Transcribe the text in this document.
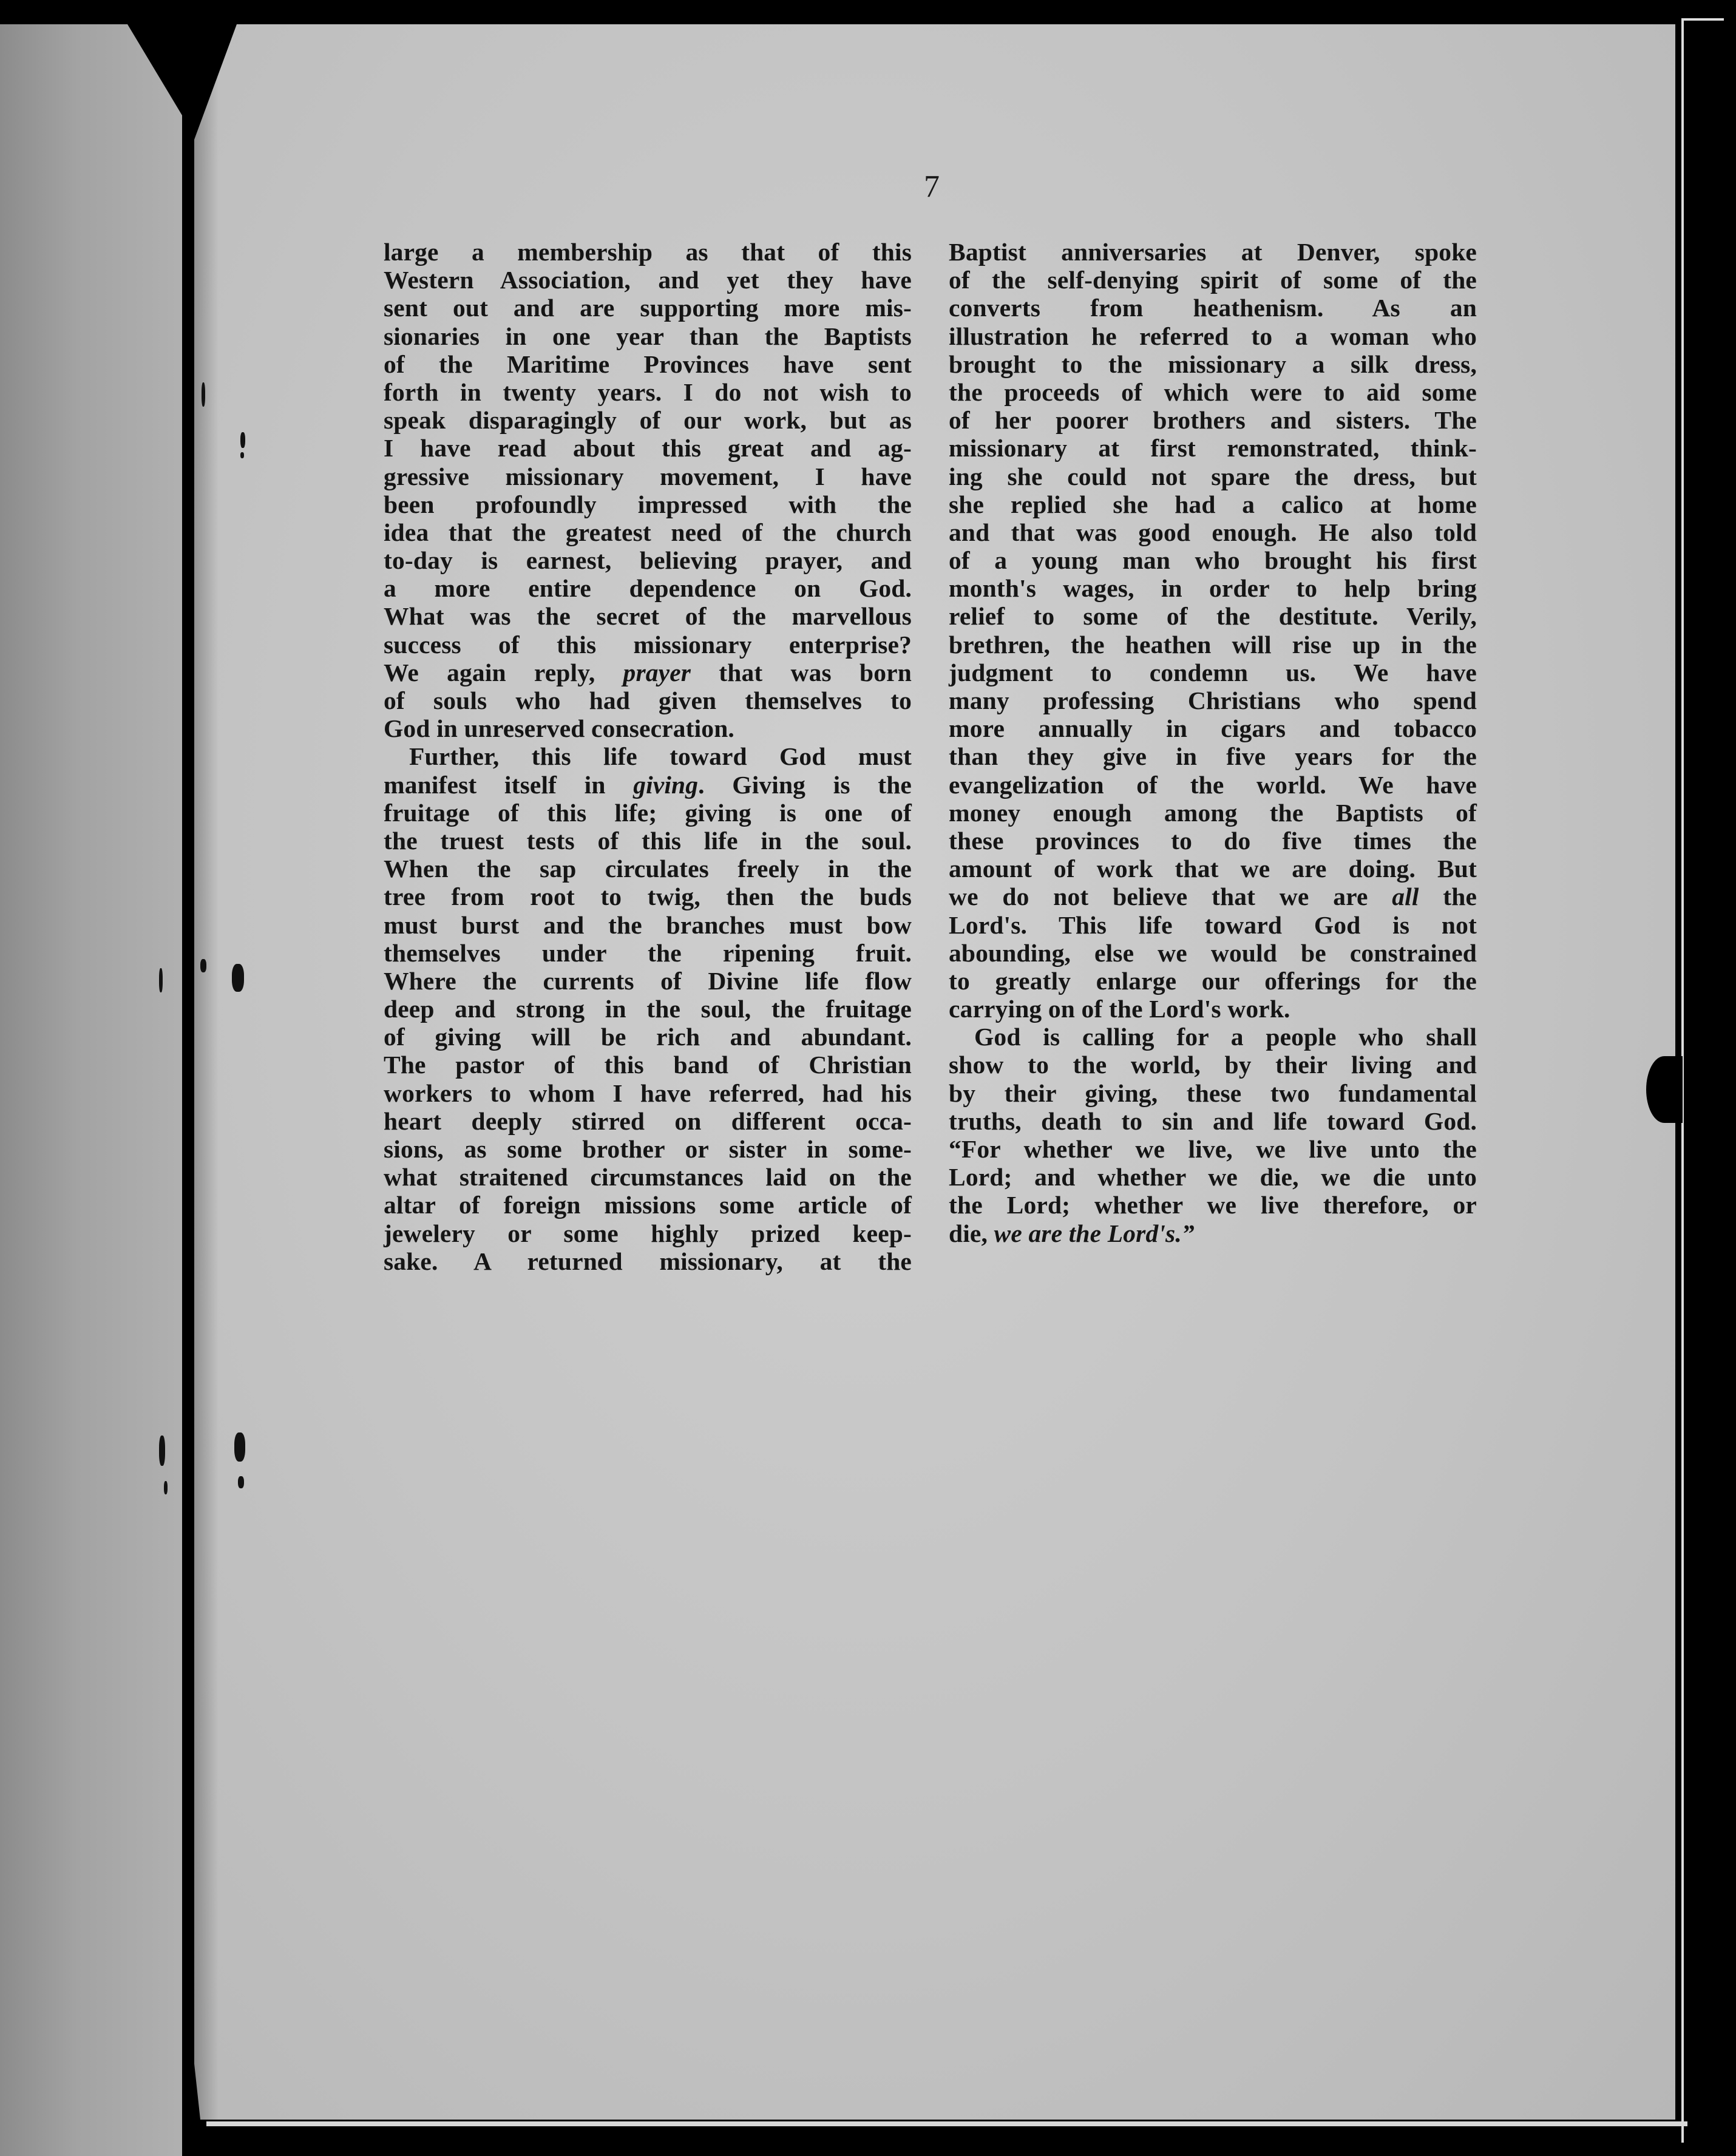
7
large a membership as that of this
Western Association, and yet they have
sent out and are supporting more mis-
sionaries in one year than the Baptists
of the Maritime Provinces have sent
forth in twenty years. I do not wish to
speak disparagingly of our work, but as
I have read about this great and ag-
gressive missionary movement, I have
been profoundly impressed with the
idea that the greatest need of the church
to-day is earnest, believing prayer, and
a more entire dependence on God.
What was the secret of the marvellous
success of this missionary enterprise?
We again reply, prayer that was born
of souls who had given themselves to
God in unreserved consecration.
Further, this life toward God must
manifest itself in giving. Giving is the
fruitage of this life; giving is one of
the truest tests of this life in the soul.
When the sap circulates freely in the
tree from root to twig, then the buds
must burst and the branches must bow
themselves under the ripening fruit.
Where the currents of Divine life flow
deep and strong in the soul, the fruitage
of giving will be rich and abundant.
The pastor of this band of Christian
workers to whom I have referred, had his
heart deeply stirred on different occa-
sions, as some brother or sister in some-
what straitened circumstances laid on the
altar of foreign missions some article of
jewelery or some highly prized keep-
sake. A returned missionary, at the
Baptist anniversaries at Denver, spoke
of the self-denying spirit of some of the
converts from heathenism. As an
illustration he referred to a woman who
brought to the missionary a silk dress,
the proceeds of which were to aid some
of her poorer brothers and sisters. The
missionary at first remonstrated, think-
ing she could not spare the dress, but
she replied she had a calico at home
and that was good enough. He also told
of a young man who brought his first
month's wages, in order to help bring
relief to some of the destitute. Verily,
brethren, the heathen will rise up in the
judgment to condemn us. We have
many professing Christians who spend
more annually in cigars and tobacco
than they give in five years for the
evangelization of the world. We have
money enough among the Baptists of
these provinces to do five times the
amount of work that we are doing. But
we do not believe that we are all the
Lord's. This life toward God is not
abounding, else we would be constrained
to greatly enlarge our offerings for the
carrying on of the Lord's work.
God is calling for a people who shall
show to the world, by their living and
by their giving, these two fundamental
truths, death to sin and life toward God.
“For whether we live, we live unto the
Lord; and whether we die, we die unto
the Lord; whether we live therefore, or
die, we are the Lord's.”
